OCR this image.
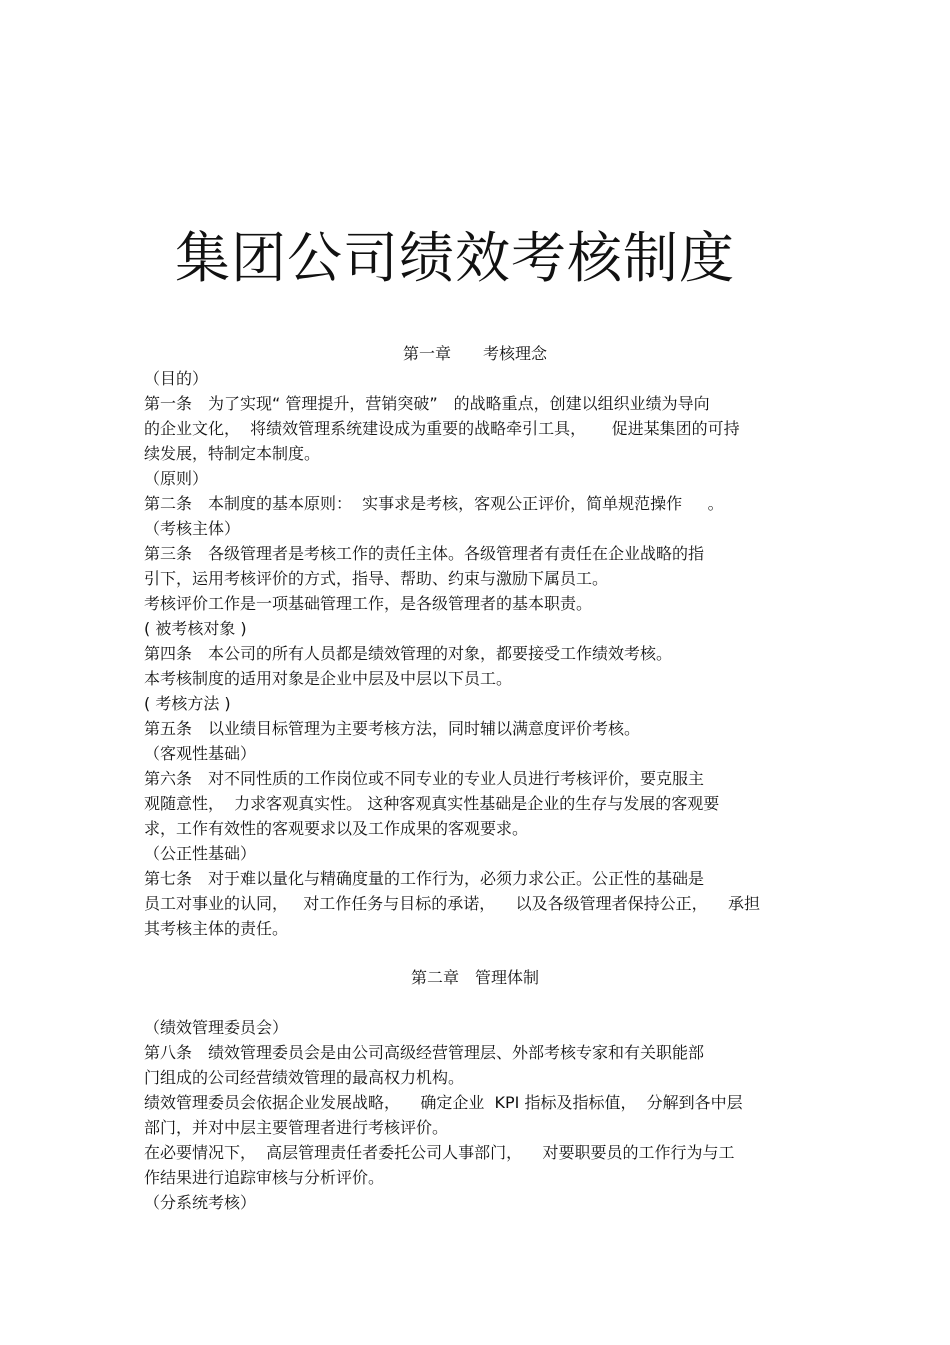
集团公司绩效考核制度
第一章　　考核理念
（目的）
第一条　为了实现“ 管理提升，营销突破”　的战略重点，创建以组织业绩为导向
的企业文化，  将绩效管理系统建设成为重要的战略牵引工具，     促进某集团的可持
续发展，特制定本制度。
（原则）
第二条　本制度的基本原则：  实事求是考核，客观公正评价，简单规范操作     。
（考核主体）
第三条　各级管理者是考核工作的责任主体。各级管理者有责任在企业战略的指
引下，运用考核评价的方式，指导、帮助、约束与激励下属员工。
考核评价工作是一项基础管理工作，是各级管理者的基本职责。
( 被考核对象 )
第四条　本公司的所有人员都是绩效管理的对象，都要接受工作绩效考核。
本考核制度的适用对象是企业中层及中层以下员工。
( 考核方法 )
第五条　以业绩目标管理为主要考核方法，同时辅以满意度评价考核。
（客观性基础）
第六条　对不同性质的工作岗位或不同专业的专业人员进行考核评价，要克服主
观随意性，  力求客观真实性。 这种客观真实性基础是企业的生存与发展的客观要
求，工作有效性的客观要求以及工作成果的客观要求。
（公正性基础）
第七条　对于难以量化与精确度量的工作行为，必须力求公正。公正性的基础是
员工对事业的认同，   对工作任务与目标的承诺，    以及各级管理者保持公正，    承担
其考核主体的责任。
第二章　管理体制
（绩效管理委员会）
第八条　绩效管理委员会是由公司高级经营管理层、外部考核专家和有关职能部
门组成的公司经营绩效管理的最高权力机构。
绩效管理委员会依据企业发展战略，    确定企业  KPI 指标及指标值，  分解到各中层
部门，并对中层主要管理者进行考核评价。
在必要情况下，  高层管理责任者委托公司人事部门，    对要职要员的工作行为与工
作结果进行追踪审核与分析评价。
（分系统考核）
